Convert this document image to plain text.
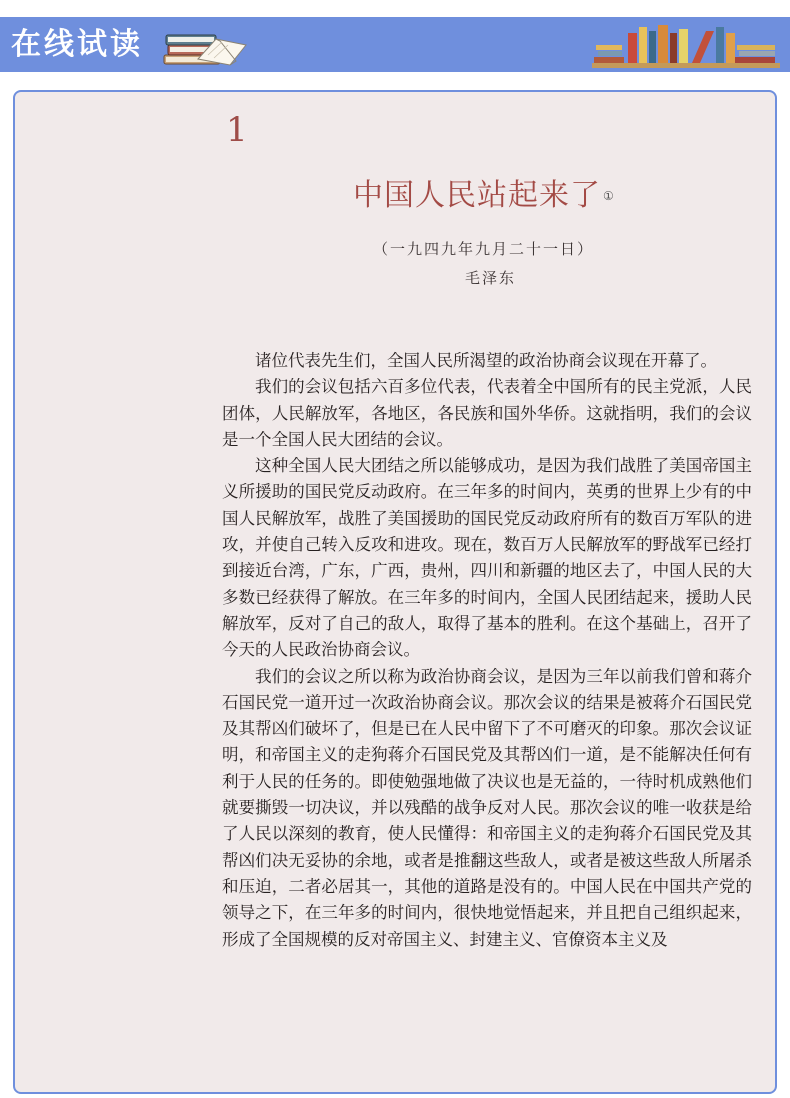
在线试读
1
中国人民站起来了 ①
（一九四九年九月二十一日）
毛泽东

诸位代表先生们，全国人民所渴望的政治协商会议现在开幕了。

我们的会议包括六百多位代表，代表着全中国所有的民主党派，人民团体，人民解放军，各地区，各民族和国外华侨。这就指明，我们的会议是一个全国人民大团结的会议。

这种全国人民大团结之所以能够成功，是因为我们战胜了美国帝国主义所援助的国民党反动政府。在三年多的时间内，英勇的世界上少有的中国人民解放军，战胜了美国援助的国民党反动政府所有的数百万军队的进攻，并使自己转入反攻和进攻。现在，数百万人民解放军的野战军已经打到接近台湾，广东，广西，贵州，四川和新疆的地区去了，中国人民的大多数已经获得了解放。在三年多的时间内，全国人民团结起来，援助人民解放军，反对了自己的敌人，取得了基本的胜利。在这个基础上，召开了今天的人民政治协商会议。

我们的会议之所以称为政治协商会议，是因为三年以前我们曾和蒋介石国民党一道开过一次政治协商会议。那次会议的结果是被蒋介石国民党及其帮凶们破坏了，但是已在人民中留下了不可磨灭的印象。那次会议证明，和帝国主义的走狗蒋介石国民党及其帮凶们一道，是不能解决任何有利于人民的任务的。即使勉强地做了决议也是无益的，一待时机成熟他们就要撕毁一切决议，并以残酷的战争反对人民。那次会议的唯一收获是给了人民以深刻的教育，使人民懂得：和帝国主义的走狗蒋介石国民党及其帮凶们决无妥协的余地，或者是推翻这些敌人，或者是被这些敌人所屠杀和压迫，二者必居其一，其他的道路是没有的。中国人民在中国共产党的领导之下，在三年多的时间内，很快地觉悟起来，并且把自己组织起来，形成了全国规模的反对帝国主义、封建主义、官僚资本主义及
